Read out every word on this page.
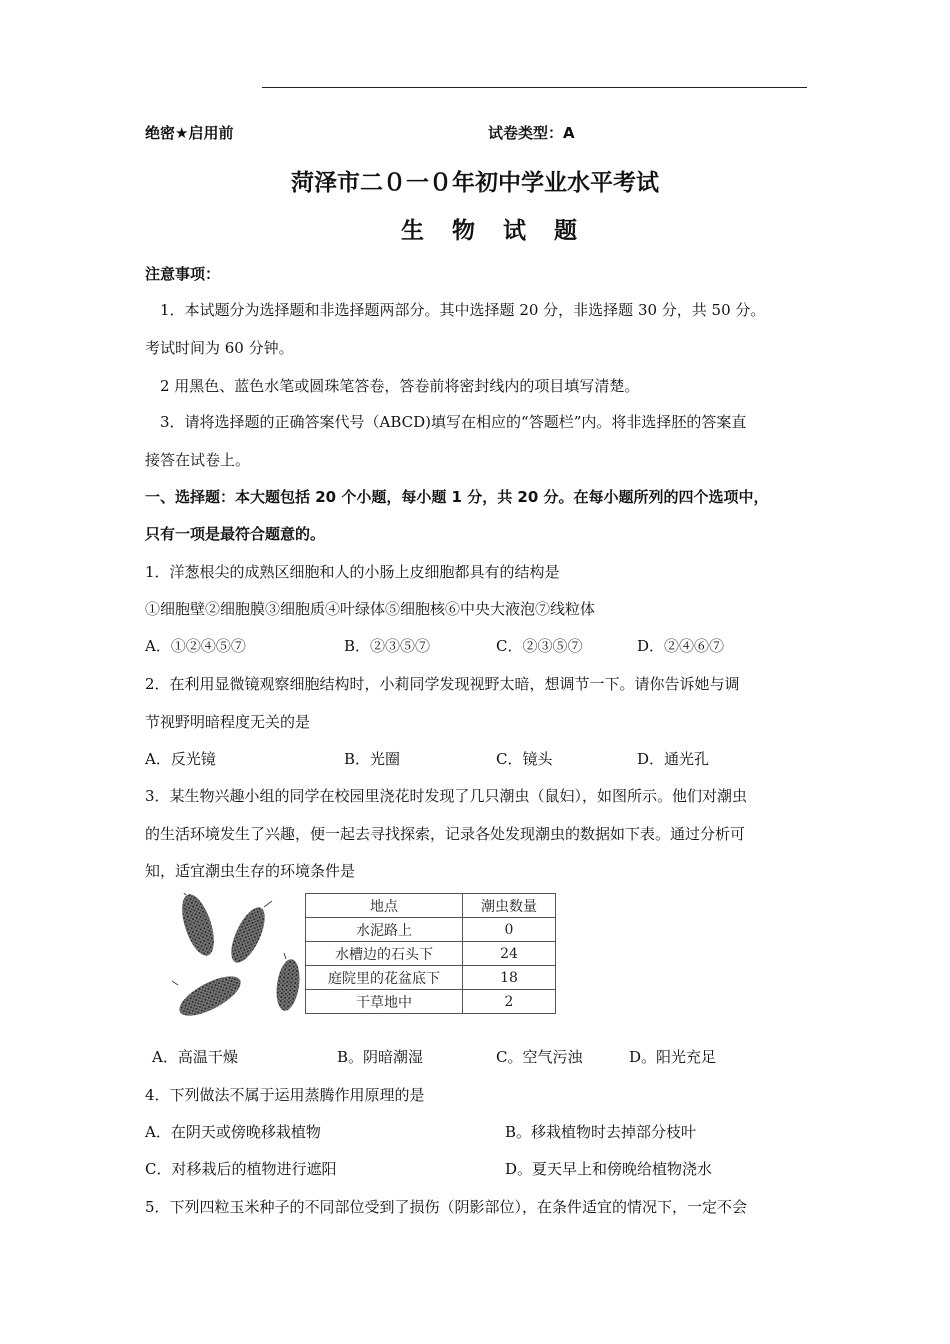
绝密★启用前	试卷类型：A
菏泽市二０一０年初中学业水平考试
生物试题
注意事项：
1．本试题分为选择题和非选择题两部分。其中选择题 20 分，非选择题 30 分，共 50 分。
考试时间为 60 分钟。
2 用黑色、蓝色水笔或圆珠笔答卷，答卷前将密封线内的项目填写清楚。
3．请将选择题的正确答案代号（ABCD)填写在相应的“答题栏”内。将非选择胚的答案直
接答在试卷上。
一、选择题：本大题包括 20 个小题，每小题 1 分，共 20 分。在每小题所列的四个选项中，
只有一项是最符合题意的。
1．洋葱根尖的成熟区细胞和人的小肠上皮细胞都具有的结构是
①细胞壁②细胞膜③细胞质④叶绿体⑤细胞核⑥中央大液泡⑦线粒体
A．①②④⑤⑦	B．②③⑤⑦	C．②③⑤⑦	D．②④⑥⑦
2．在利用显微镜观察细胞结构时，小莉同学发现视野太暗，想调节一下。请你告诉她与调
节视野明暗程度无关的是
A．反光镜	B．光圈	C．镜头	D．通光孔
3．某生物兴趣小组的同学在校园里浇花时发现了几只潮虫（鼠妇），如图所示。他们对潮虫
的生活环境发生了兴趣，便一起去寻找探索，记录各处发现潮虫的数据如下表。通过分析可
知，适宜潮虫生存的环境条件是
地点	潮虫数量
水泥路上	0
水槽边的石头下	24
庭院里的花盆底下	18
干草地中	2
A．高温干燥	B。阴暗潮湿	C。空气污浊	D。阳光充足
4．下列做法不属于运用蒸腾作用原理的是
A．在阴天或傍晚移栽植物	B。移栽植物时去掉部分枝叶
C．对移栽后的植物进行遮阳	D。夏天早上和傍晚给植物浇水
5．下列四粒玉米种子的不同部位受到了损伤（阴影部位），在条件适宜的情况下，一定不会
